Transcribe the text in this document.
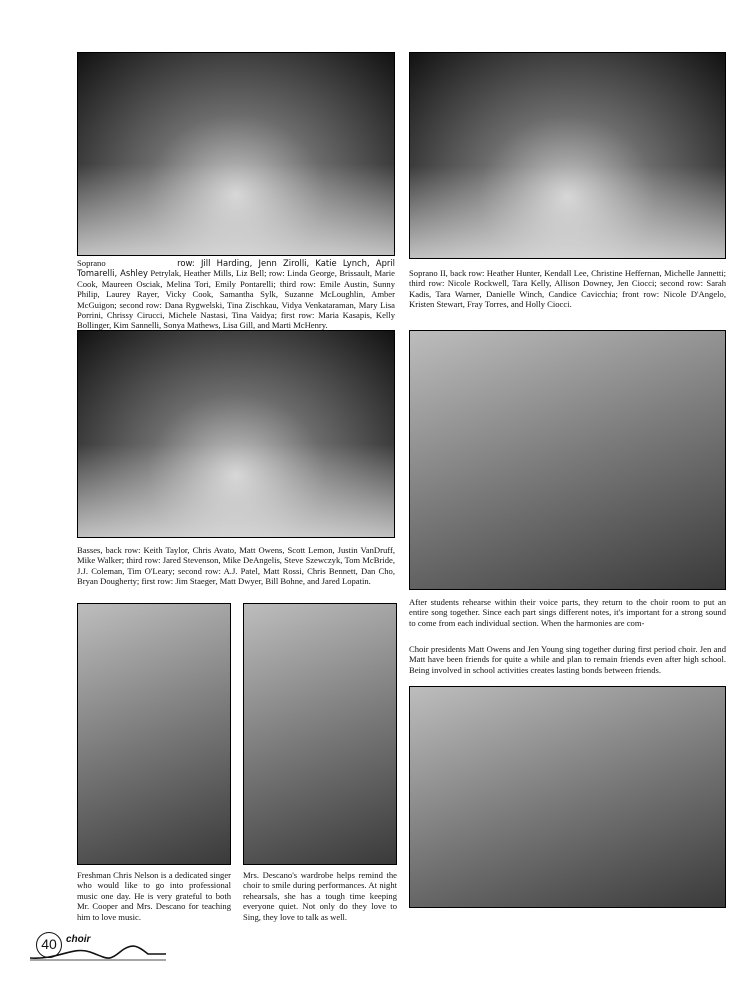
Soprano	row: Jill Harding, Jenn Zirolli, Katie Lynch, April Tomarelli, Ashley Petrylak, Heather Mills, Liz Bell; row: Linda George, Brissault, Marie Cook, Maureen Osciak, Melina Tori, Emily Pontarelli; third row: Emile Austin, Sunny Philip, Laurey Rayer, Vicky Cook, Samantha Sylk, Suzanne McLoughlin, Amber McGuigon; second row: Dana Rygwelski, Tina Zischkau, Vidya Venkataraman, Mary Lisa Porrini, Chrissy Cirucci, Michele Nastasi, Tina Vaidya; first row: Maria Kasapis, Kelly Bollinger, Kim Sannelli, Sonya Mathews, Lisa Gill, and Marti McHenry.
Soprano II, back row: Heather Hunter, Kendall Lee, Christine Heffernan, Michelle Jannetti; third row: Nicole Rockwell, Tara Kelly, Allison Downey, Jen Ciocci; second row: Sarah Kadis, Tara Warner, Danielle Winch, Candice Cavicchia; front row: Nicole D'Angelo, Kristen Stewart, Fray Torres, and Holly Ciocci.
Basses, back row: Keith Taylor, Chris Avato, Matt Owens, Scott Lemon, Justin VanDruff, Mike Walker; third row: Jared Stevenson, Mike DeAngelis, Steve Szewczyk, Tom McBride, J.J. Coleman, Tim O'Leary; second row: A.J. Patel, Matt Rossi, Chris Bennett, Dan Cho, Bryan Dougherty; first row: Jim Staeger, Matt Dwyer, Bill Bohne, and Jared Lopatin.
After students rehearse within their voice parts, they return to the choir room to put an entire song together. Since each part sings different notes, it's important for a strong sound to come from each individual section. When the harmonies are com-
Choir presidents Matt Owens and Jen Young sing together during first period choir. Jen and Matt have been friends for quite a while and plan to remain friends even after high school. Being involved in school activities creates lasting bonds between friends.
Freshman Chris Nelson is a dedicated singer who would like to go into professional music one day. He is very grateful to both Mr. Cooper and Mrs. Descano for teaching him to love music.
Mrs. Descano's wardrobe helps remind the choir to smile during performances. At night rehearsals, she has a tough time keeping everyone quiet. Not only do they love to Sing, they love to talk as well.
40 choir
